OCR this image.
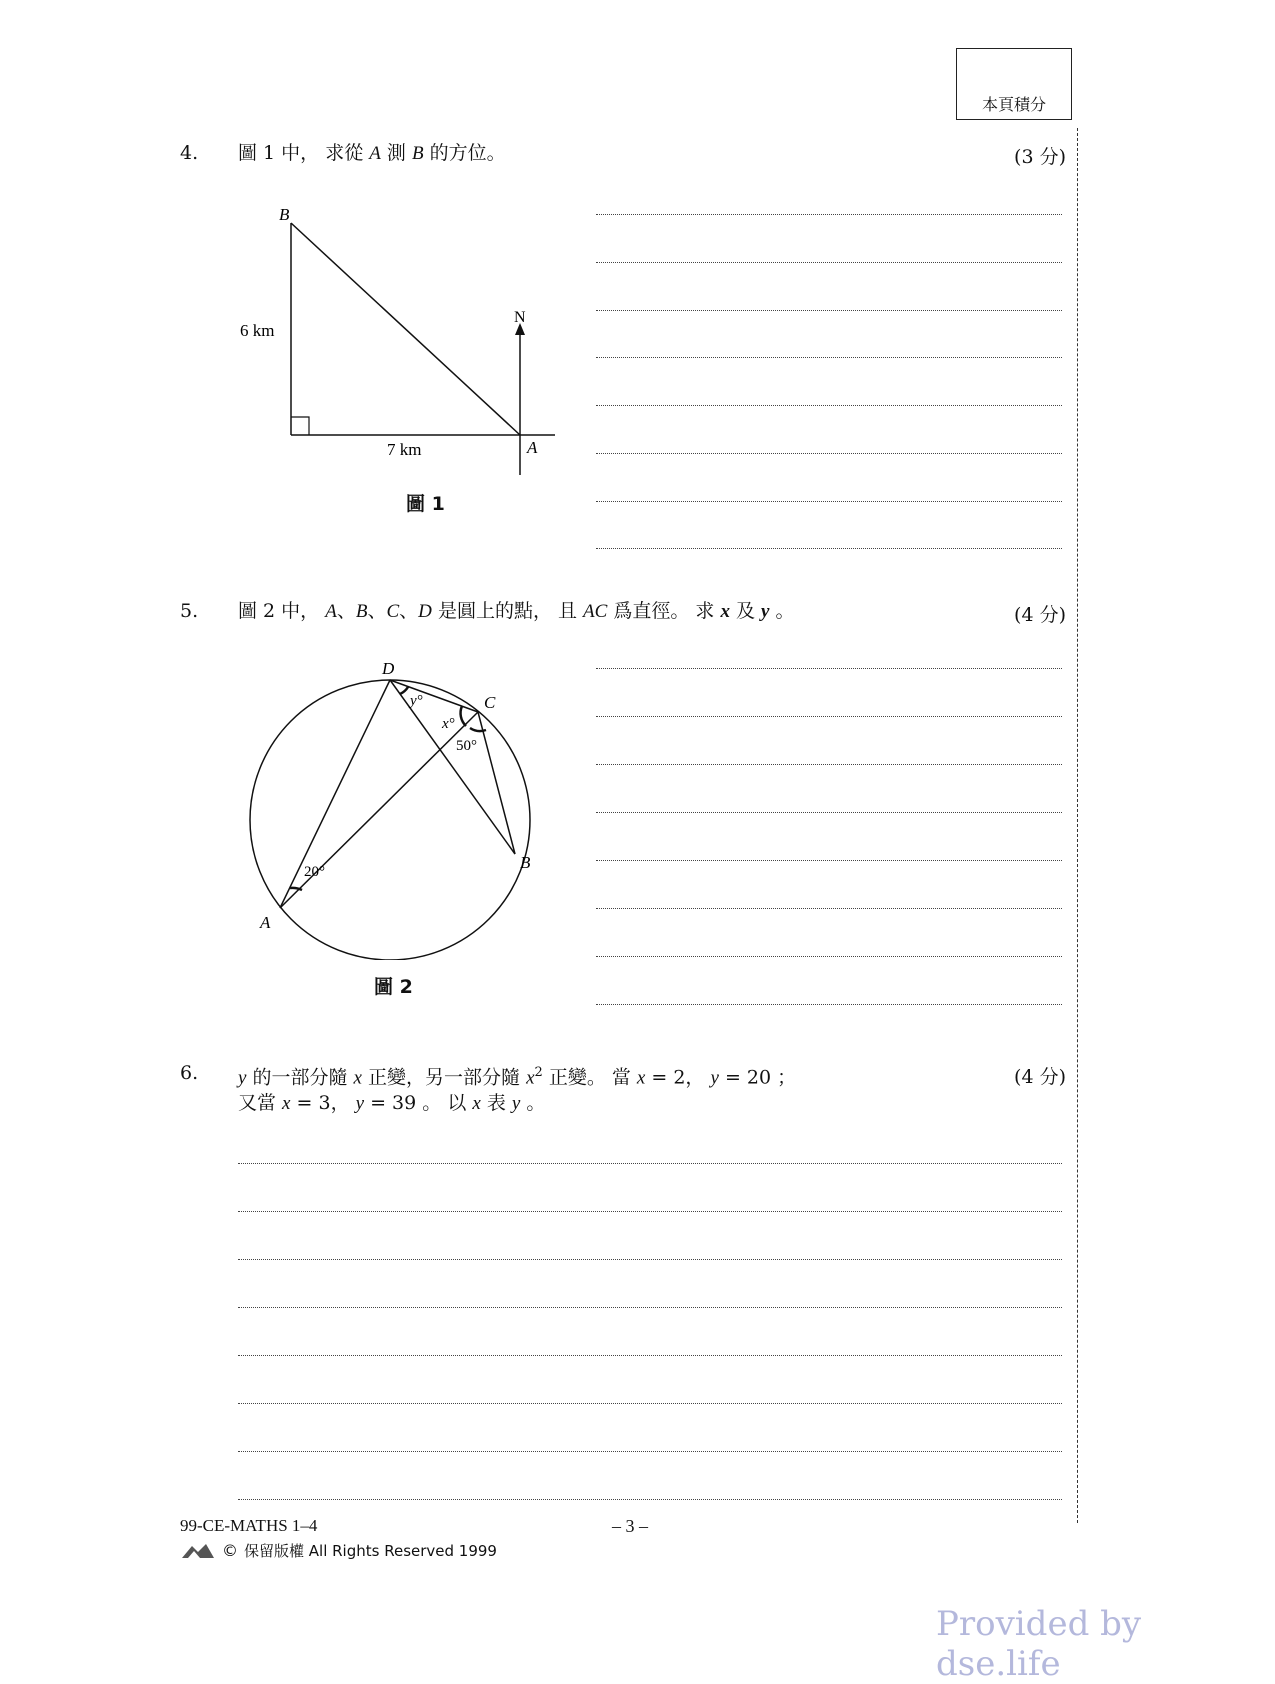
本頁積分
4. 圖 1 中， 求從 A 測 B 的方位。	(3 分)
B
6 km
7 km	A
N
圖 1
5. 圖 2 中， A、B、C、D 是圓上的點， 且 AC 爲直徑。 求 x 及 y 。	(4 分)
D
C
B
A
y°
x°
50°
20°
圖 2
6. y 的一部分隨 x 正變，另一部分隨 $x^2$ 正變。 當 x = 2， y = 20 ；
又當 x = 3， y = 39 。 以 x 表 y 。
(4 分)
99-CE-MATHS 1–4	– 3 –
© 保留版權 All Rights Reserved 1999
Provided by dse.life
